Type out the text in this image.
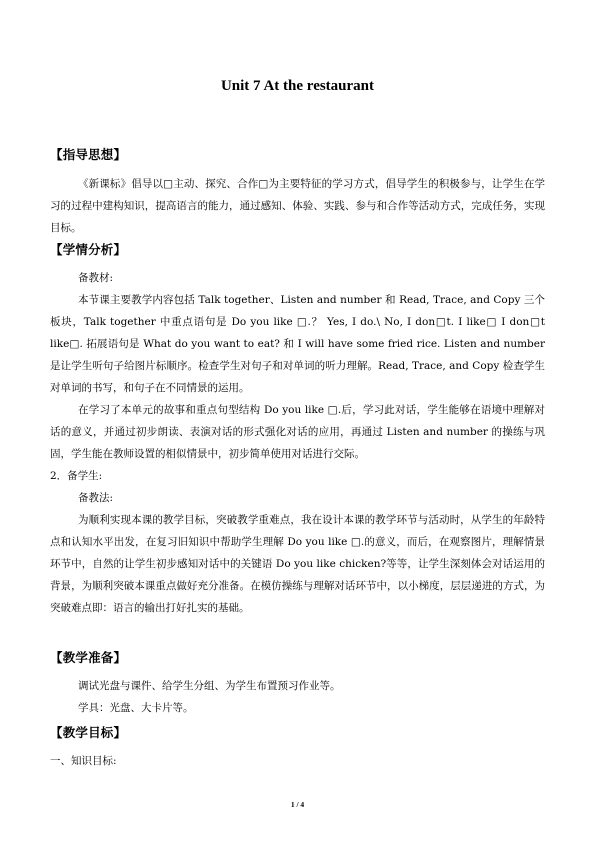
Unit 7 At the restaurant
【指导思想】
《新课标》倡导以□主动、探究、合作□为主要特征的学习方式，倡导学生的积极参与，让学生在学习的过程中建构知识，提高语言的能力，通过感知、体验、实践、参与和合作等活动方式，完成任务，实现目标。
【学情分析】
备教材:
本节课主要教学内容包括 Talk together、Listen and number 和 Read, Trace, and Copy 三个板块，Talk together 中重点语句是 Do you like □.？ Yes, I do.\ No, I don□t. I like□ I don□t like□. 拓展语句是 What do you want to eat? 和 I will have some fried rice. Listen and number 是让学生听句子给图片标顺序。检查学生对句子和对单词的听力理解。Read, Trace, and Copy 检查学生对单词的书写，和句子在不同情景的运用。
在学习了本单元的故事和重点句型结构 Do you like □.后，学习此对话，学生能够在语境中理解对话的意义，并通过初步朗读、表演对话的形式强化对话的应用，再通过 Listen and number 的操练与巩固，学生能在教师设置的相似情景中，初步简单使用对话进行交际。
2．备学生:
备教法:
为顺利实现本课的教学目标，突破教学重难点，我在设计本课的教学环节与活动时，从学生的年龄特点和认知水平出发，在复习旧知识中帮助学生理解 Do you like □.的意义，而后，在观察图片，理解情景环节中，自然的让学生初步感知对话中的关键语 Do you like chicken?等等，让学生深刻体会对话运用的背景，为顺利突破本课重点做好充分准备。在模仿操练与理解对话环节中，以小梯度，层层递进的方式，为突破难点即：语言的输出打好扎实的基础。
【教学准备】
调试光盘与课件、给学生分组、为学生布置预习作业等。
学具：光盘、大卡片等。
【教学目标】
一、知识目标:
1 / 4
